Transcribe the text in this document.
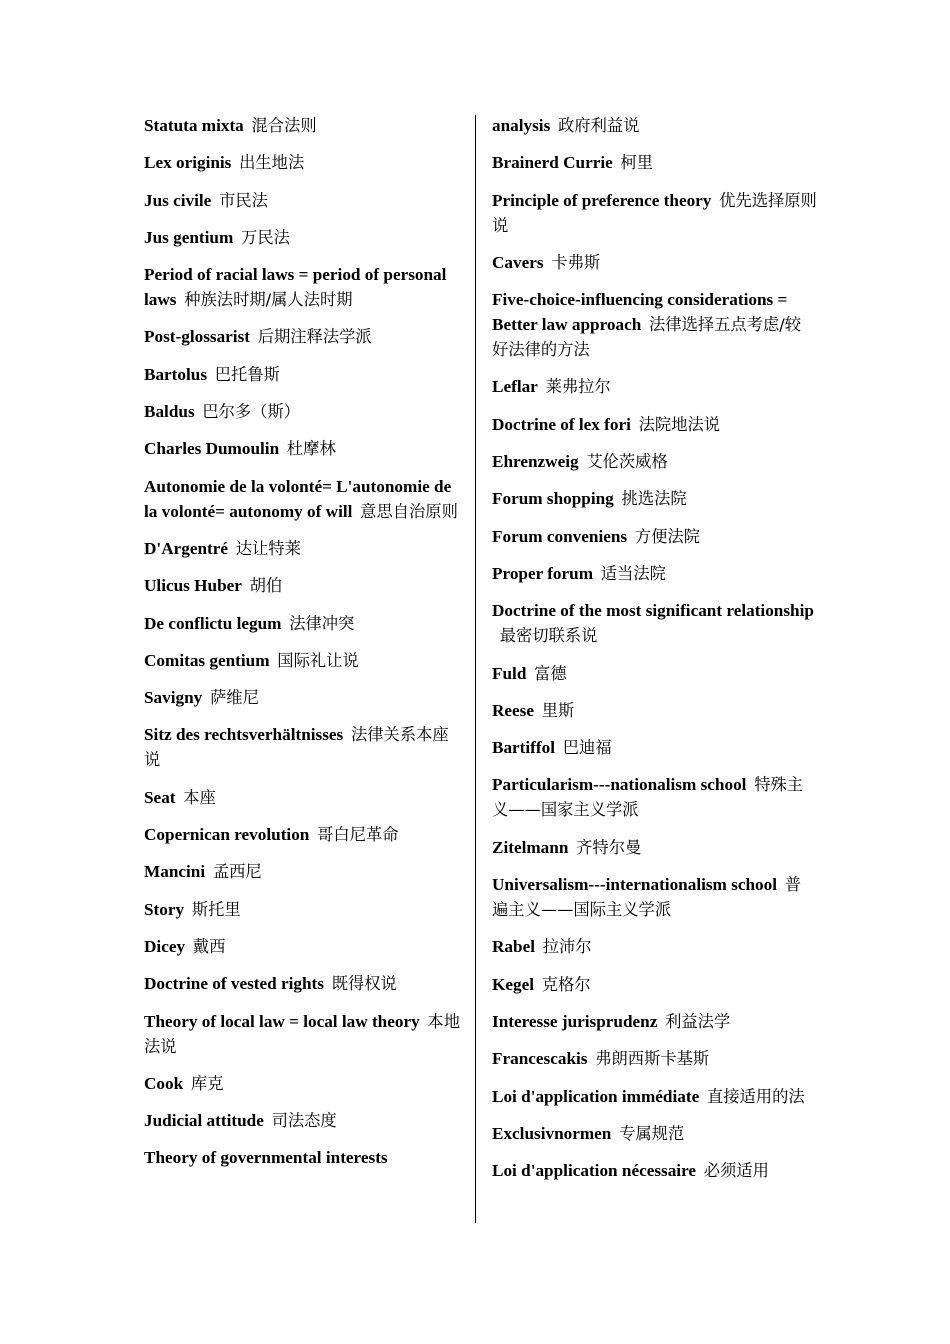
Statuta mixta 混合法则
Lex originis 出生地法
Jus civile 市民法
Jus gentium 万民法
Period of racial laws = period of personal laws 种族法时期/属人法时期
Post-glossarist 后期注释法学派
Bartolus 巴托鲁斯
Baldus 巴尔多（斯）
Charles Dumoulin 杜摩林
Autonomie de la volonté= L'autonomie de la volonté= autonomy of will 意思自治原则
D'Argentré 达让特莱
Ulicus Huber 胡伯
De conflictu legum 法律冲突
Comitas gentium 国际礼让说
Savigny 萨维尼
Sitz des rechtsverhältnisses 法律关系本座说
Seat 本座
Copernican revolution 哥白尼革命
Mancini 孟西尼
Story 斯托里
Dicey 戴西
Doctrine of vested rights 既得权说
Theory of local law = local law theory 本地法说
Cook 库克
Judicial attitude 司法态度
Theory of governmental interests
analysis 政府利益说
Brainerd Currie 柯里
Principle of preference theory 优先选择原则说
Cavers 卡弗斯
Five-choice-influencing considerations = Better law approach 法律选择五点考虑/较好法律的方法
Leflar 莱弗拉尔
Doctrine of lex fori 法院地法说
Ehrenzweig 艾伦茨威格
Forum shopping 挑选法院
Forum conveniens 方便法院
Proper forum 适当法院
Doctrine of the most significant relationship最密切联系说
Fuld 富德
Reese 里斯
Bartiffol 巴迪福
Particularism---nationalism school 特殊主义——国家主义学派
Zitelmann 齐特尔曼
Universalism---internationalism school 普遍主义——国际主义学派
Rabel 拉沛尔
Kegel 克格尔
Interesse jurisprudenz 利益法学
Francescakis 弗朗西斯卡基斯
Loi d'application immédiate 直接适用的法
Exclusivnormen 专属规范
Loi d'application nécessaire 必须适用
